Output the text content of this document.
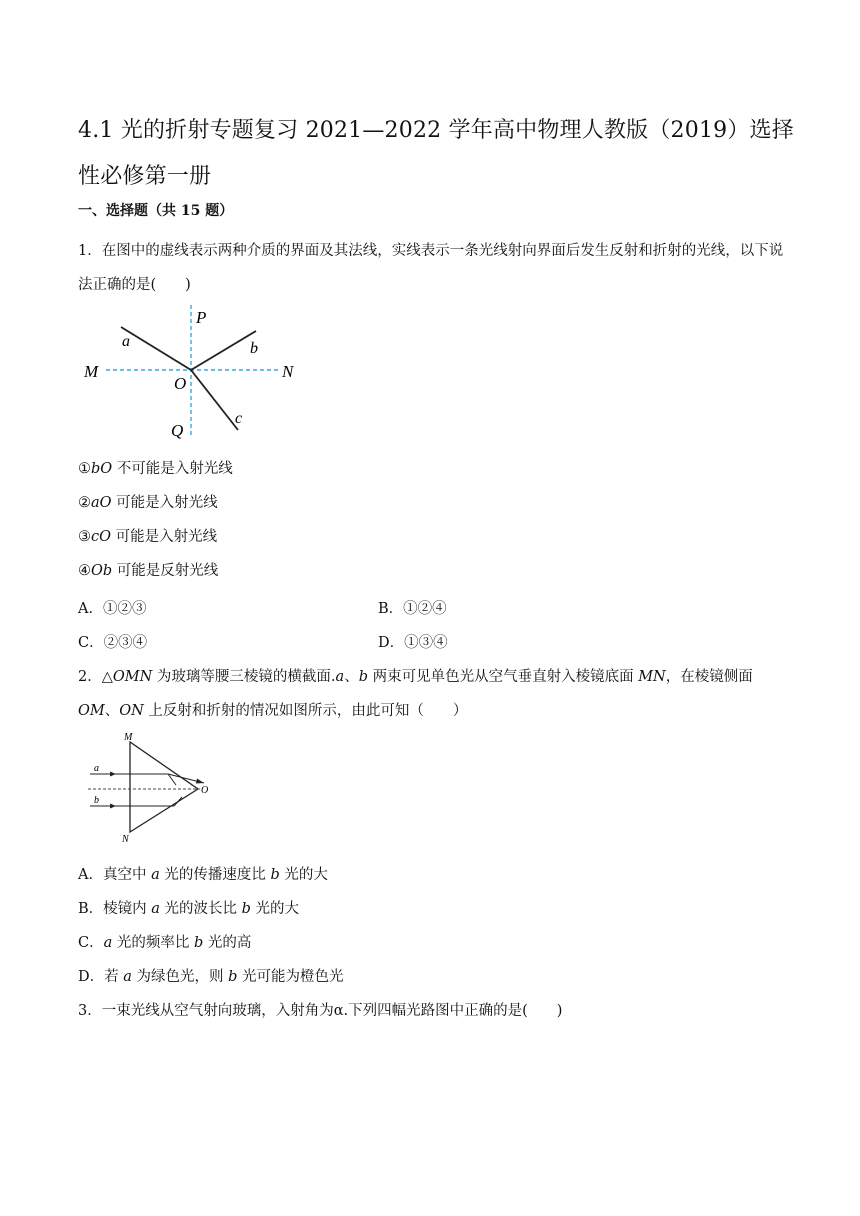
4.1 光的折射专题复习 2021—2022 学年高中物理人教版（2019）选择性必修第一册
一、选择题（共 15 题）
1．在图中的虚线表示两种介质的界面及其法线，实线表示一条光线射向界面后发生反射和折射的光线，以下说法正确的是(　　)
P
a	b
M	N
O
c
Q
①bO 不可能是入射光线
②aO 可能是入射光线
③cO 可能是入射光线
④Ob 可能是反射光线
A．①②③	B．①②④
C．②③④	D．①③④
2．△OMN 为玻璃等腰三棱镜的横截面.a、b 两束可见单色光从空气垂直射入棱镜底面 MN，在棱镜侧面 OM、ON 上反射和折射的情况如图所示，由此可知（　　）
M
a
O
b
N
A．真空中 a 光的传播速度比 b 光的大
B．棱镜内 a 光的波长比 b 光的大
C．a 光的频率比 b 光的高
D．若 a 为绿色光，则 b 光可能为橙色光
3．一束光线从空气射向玻璃，入射角为α.下列四幅光路图中正确的是(　　)
